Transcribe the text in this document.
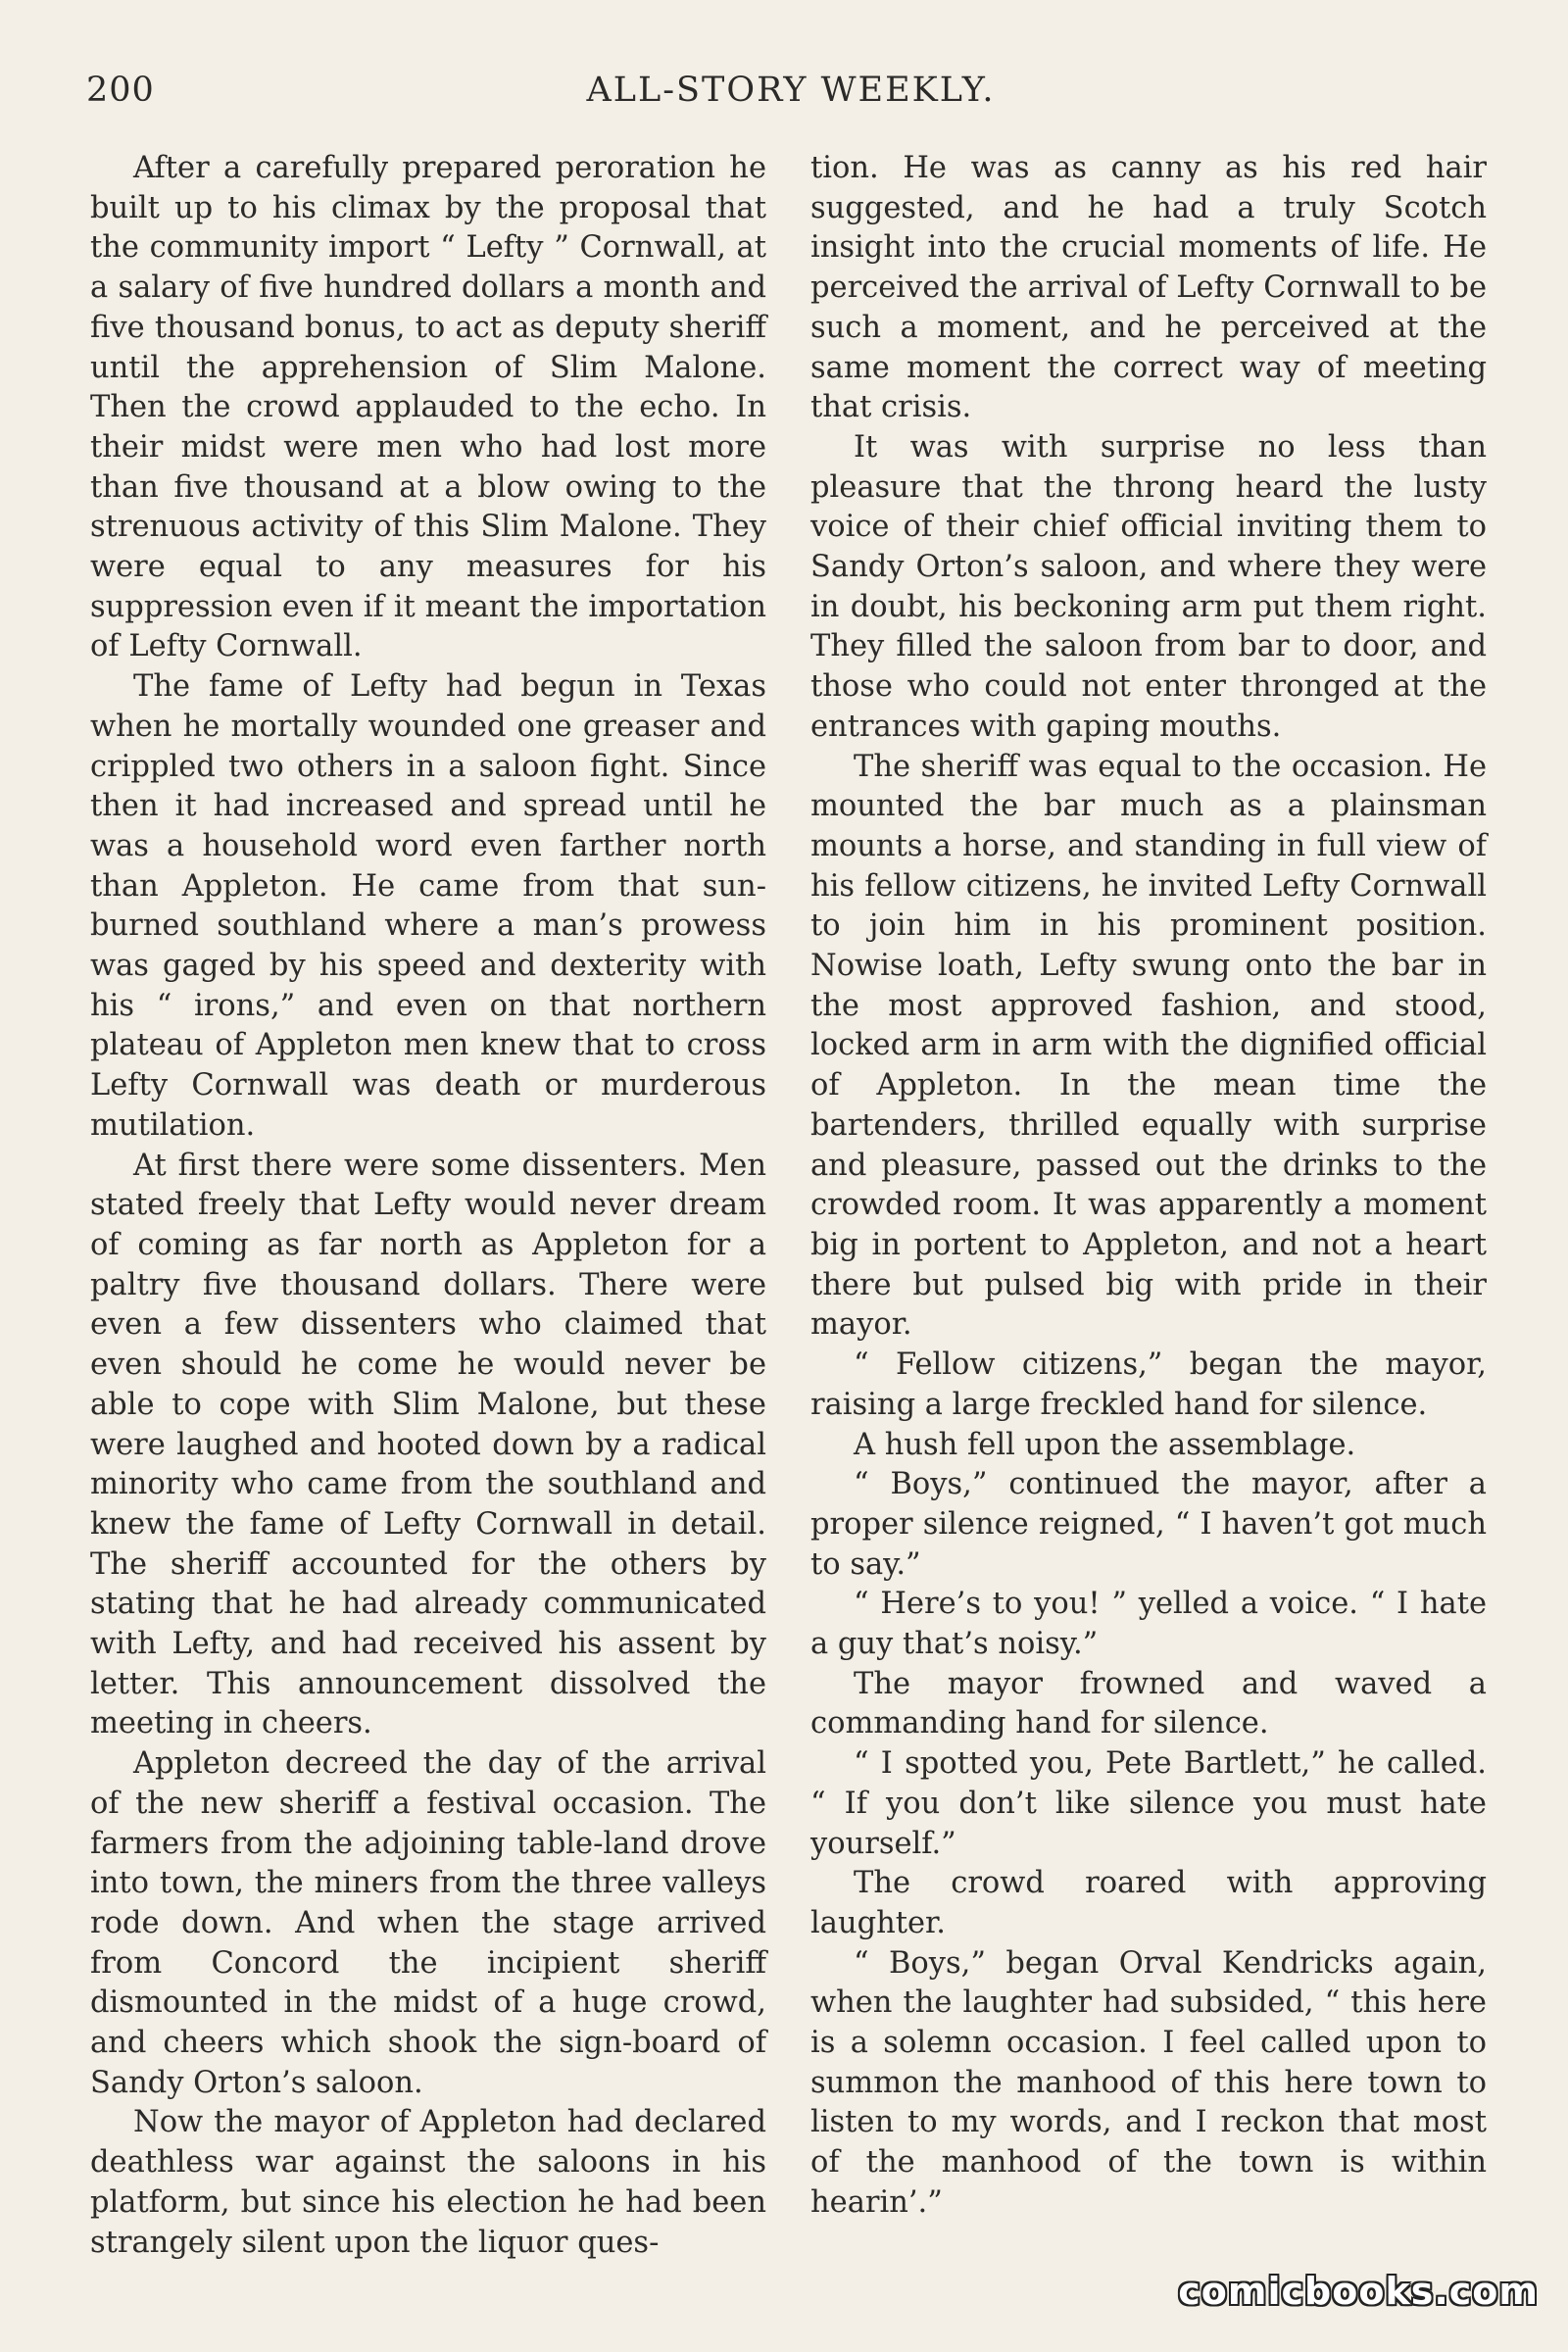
200	ALL-STORY WEEKLY.

After a carefully prepared peroration he built up to his climax by the proposal that the community import “ Lefty ” Cornwall, at a salary of five hundred dollars a month and five thousand bonus, to act as deputy sheriff until the apprehension of Slim Malone. Then the crowd applauded to the echo. In their midst were men who had lost more than five thousand at a blow owing to the strenuous activity of this Slim Malone. They were equal to any measures for his suppression even if it meant the importation of Lefty Cornwall.

The fame of Lefty had begun in Texas when he mortally wounded one greaser and crippled two others in a saloon fight. Since then it had increased and spread until he was a household word even farther north than Appleton. He came from that sun-burned southland where a man’s prowess was gaged by his speed and dexterity with his “ irons,” and even on that northern plateau of Appleton men knew that to cross Lefty Cornwall was death or murderous mutilation.

At first there were some dissenters. Men stated freely that Lefty would never dream of coming as far north as Appleton for a paltry five thousand dollars. There were even a few dissenters who claimed that even should he come he would never be able to cope with Slim Malone, but these were laughed and hooted down by a radical minority who came from the southland and knew the fame of Lefty Cornwall in detail. The sheriff accounted for the others by stating that he had already communicated with Lefty, and had received his assent by letter. This announcement dissolved the meeting in cheers.

Appleton decreed the day of the arrival of the new sheriff a festival occasion. The farmers from the adjoining table-land drove into town, the miners from the three valleys rode down. And when the stage arrived from Concord the incipient sheriff dismounted in the midst of a huge crowd, and cheers which shook the sign-board of Sandy Orton’s saloon.

Now the mayor of Appleton had declared deathless war against the saloons in his platform, but since his election he had been strangely silent upon the liquor ques-

tion. He was as canny as his red hair suggested, and he had a truly Scotch insight into the crucial moments of life. He perceived the arrival of Lefty Cornwall to be such a moment, and he perceived at the same moment the correct way of meeting that crisis.

It was with surprise no less than pleasure that the throng heard the lusty voice of their chief official inviting them to Sandy Orton’s saloon, and where they were in doubt, his beckoning arm put them right. They filled the saloon from bar to door, and those who could not enter thronged at the entrances with gaping mouths.

The sheriff was equal to the occasion. He mounted the bar much as a plainsman mounts a horse, and standing in full view of his fellow citizens, he invited Lefty Cornwall to join him in his prominent position. Nowise loath, Lefty swung onto the bar in the most approved fashion, and stood, locked arm in arm with the dignified official of Appleton. In the mean time the bartenders, thrilled equally with surprise and pleasure, passed out the drinks to the crowded room. It was apparently a moment big in portent to Appleton, and not a heart there but pulsed big with pride in their mayor.

“ Fellow citizens,” began the mayor, raising a large freckled hand for silence.

A hush fell upon the assemblage.

“ Boys,” continued the mayor, after a proper silence reigned, “ I haven’t got much to say.”

“ Here’s to you! ” yelled a voice. “ I hate a guy that’s noisy.”

The mayor frowned and waved a commanding hand for silence.

“ I spotted you, Pete Bartlett,” he called. “ If you don’t like silence you must hate yourself.”

The crowd roared with approving laughter.

“ Boys,” began Orval Kendricks again, when the laughter had subsided, “ this here is a solemn occasion. I feel called upon to summon the manhood of this here town to listen to my words, and I reckon that most of the manhood of the town is within hearin’.”

comicbooks.com
